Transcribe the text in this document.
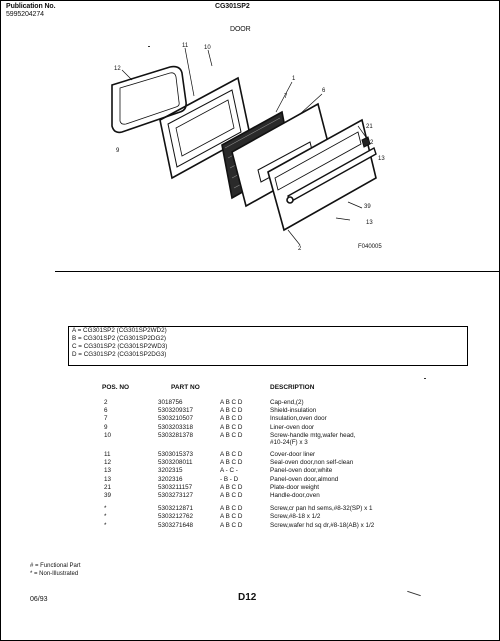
Publication No.
5995204274
CG301SP2
DOOR
12
11	10
1
7
6
21
2
9
39
13
F040005
2
13
A = CG301SP2 (CG301SP2WD2)
B = CG301SP2 (CG301SP2DG2)
C = CG301SP2 (CG301SP2WD3)
D = CG301SP2 (CG301SP2DG3)
POS. NO	PART NO	DESCRIPTION
2	3018756	A B C D	Cap-end,(2)
6	5303209317	A B C D	Shield-insulation
7	5303210507	A B C D	Insulation,oven door
9	5303203318	A B C D	Liner-oven door
10	5303281378	A B C D	Screw-handle mtg,wafer head,
#10-24(F) x 3
11	5303015373	A B C D	Cover-door liner
12	5303208011	A B C D	Seal-oven door,non self-clean
13	3202315	A - C -	Panel-oven door,white
13	3202316	- B - D	Panel-oven door,almond
21	5303211157	A B C D	Plate-door weight
39	5303273127	A B C D	Handle-door,oven
*	5303212871	A B C D	Screw,cr pan hd sems,#8-32(SP) x 1
*	5303212762	A B C D	Screw,#8-18 x 1/2
*	5303271648	A B C D	Screw,wafer hd sq dr,#8-18(AB) x 1/2
# = Functional Part
* = Non-Illustrated
06/93	D12
